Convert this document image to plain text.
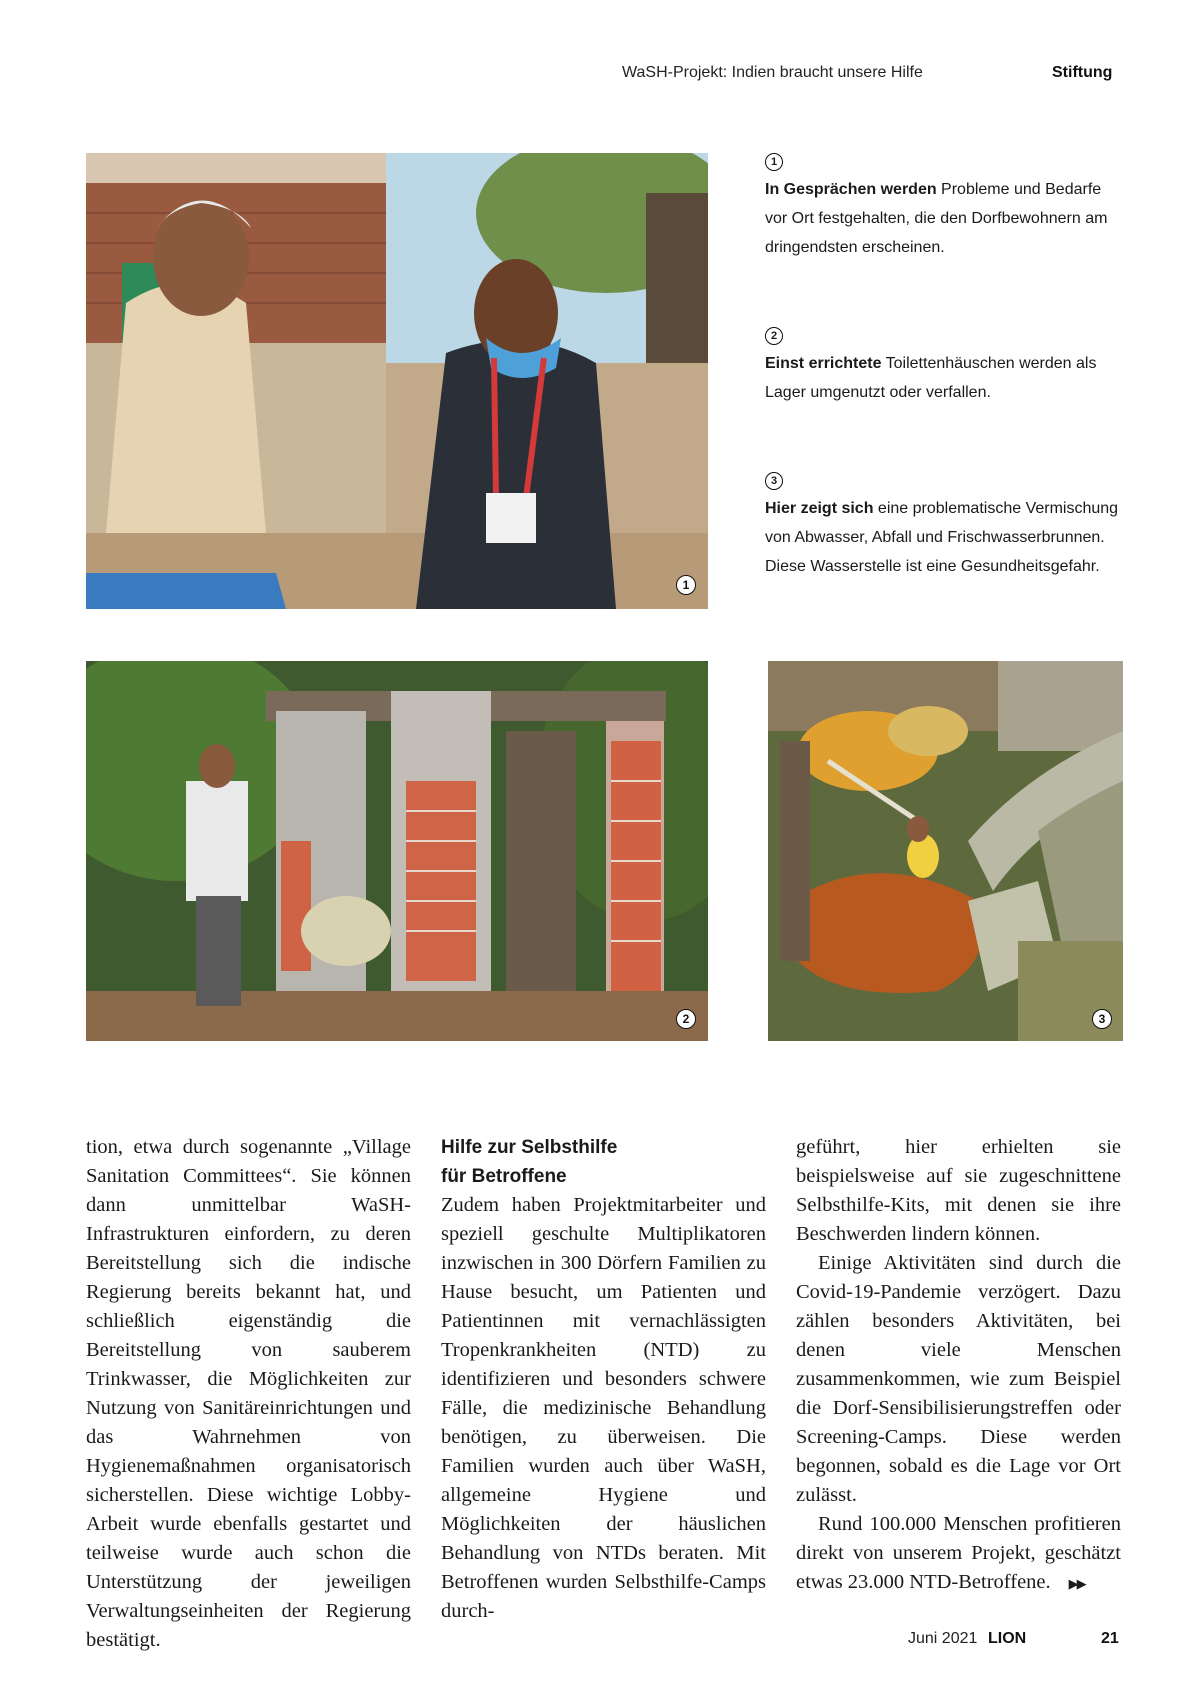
WaSH-Projekt: Indien braucht unsere Hilfe	Stiftung
1
2	3
1
In Gesprächen werden Probleme und Bedarfe vor Ort festgehalten, die den Dorfbewohnern am dringendsten erscheinen.
2
Einst errichtete Toilettenhäuschen werden als Lager umgenutzt oder verfallen.
3
Hier zeigt sich eine problematische Vermischung von Abwasser, Abfall und Frischwasserbrunnen. Diese Wasserstelle ist eine Gesundheitsgefahr.

tion, etwa durch sogenannte „Village Sanitation Committees“. Sie können dann unmittelbar WaSH-Infrastrukturen einfordern, zu deren Bereitstellung sich die indische Regierung bereits bekannt hat, und schließlich eigenständig die Bereitstellung von sauberem Trinkwasser, die Möglichkeiten zur Nutzung von Sanitäreinrichtungen und das Wahrnehmen von Hygienemaßnahmen organisatorisch sicherstellen. Diese wichtige Lobby-Arbeit wurde ebenfalls gestartet und teilweise wurde auch schon die Unterstützung der jeweiligen Verwaltungseinheiten der Regierung bestätigt.

Hilfe zur Selbsthilfe
für Betroffene

Zudem haben Projektmitarbeiter und speziell geschulte Multiplikatoren inzwischen in 300 Dörfern Familien zu Hause besucht, um Patienten und Patientinnen mit vernachlässigten Tropenkrankheiten (NTD) zu identifizieren und besonders schwere Fälle, die medizinische Behandlung benötigen, zu überweisen. Die Familien wurden auch über WaSH, allgemeine Hygiene und Möglichkeiten der häuslichen Behandlung von NTDs beraten. Mit Betroffenen wurden Selbsthilfe-Camps durch-

geführt, hier erhielten sie beispielsweise auf sie zugeschnittene Selbsthilfe-Kits, mit denen sie ihre Beschwerden lindern können.

Einige Aktivitäten sind durch die Covid-19-Pandemie verzögert. Dazu zählen besonders Aktivitäten, bei denen viele Menschen zusammenkommen, wie zum Beispiel die Dorf-Sensibilisierungstreffen oder Screening-Camps. Diese werden begonnen, sobald es die Lage vor Ort zulässt.

Rund 100.000 Menschen profitieren direkt von unserem Projekt, geschätzt etwas 23.000 NTD-Betroffene. ▶▶

Juni 2021 LION	21
